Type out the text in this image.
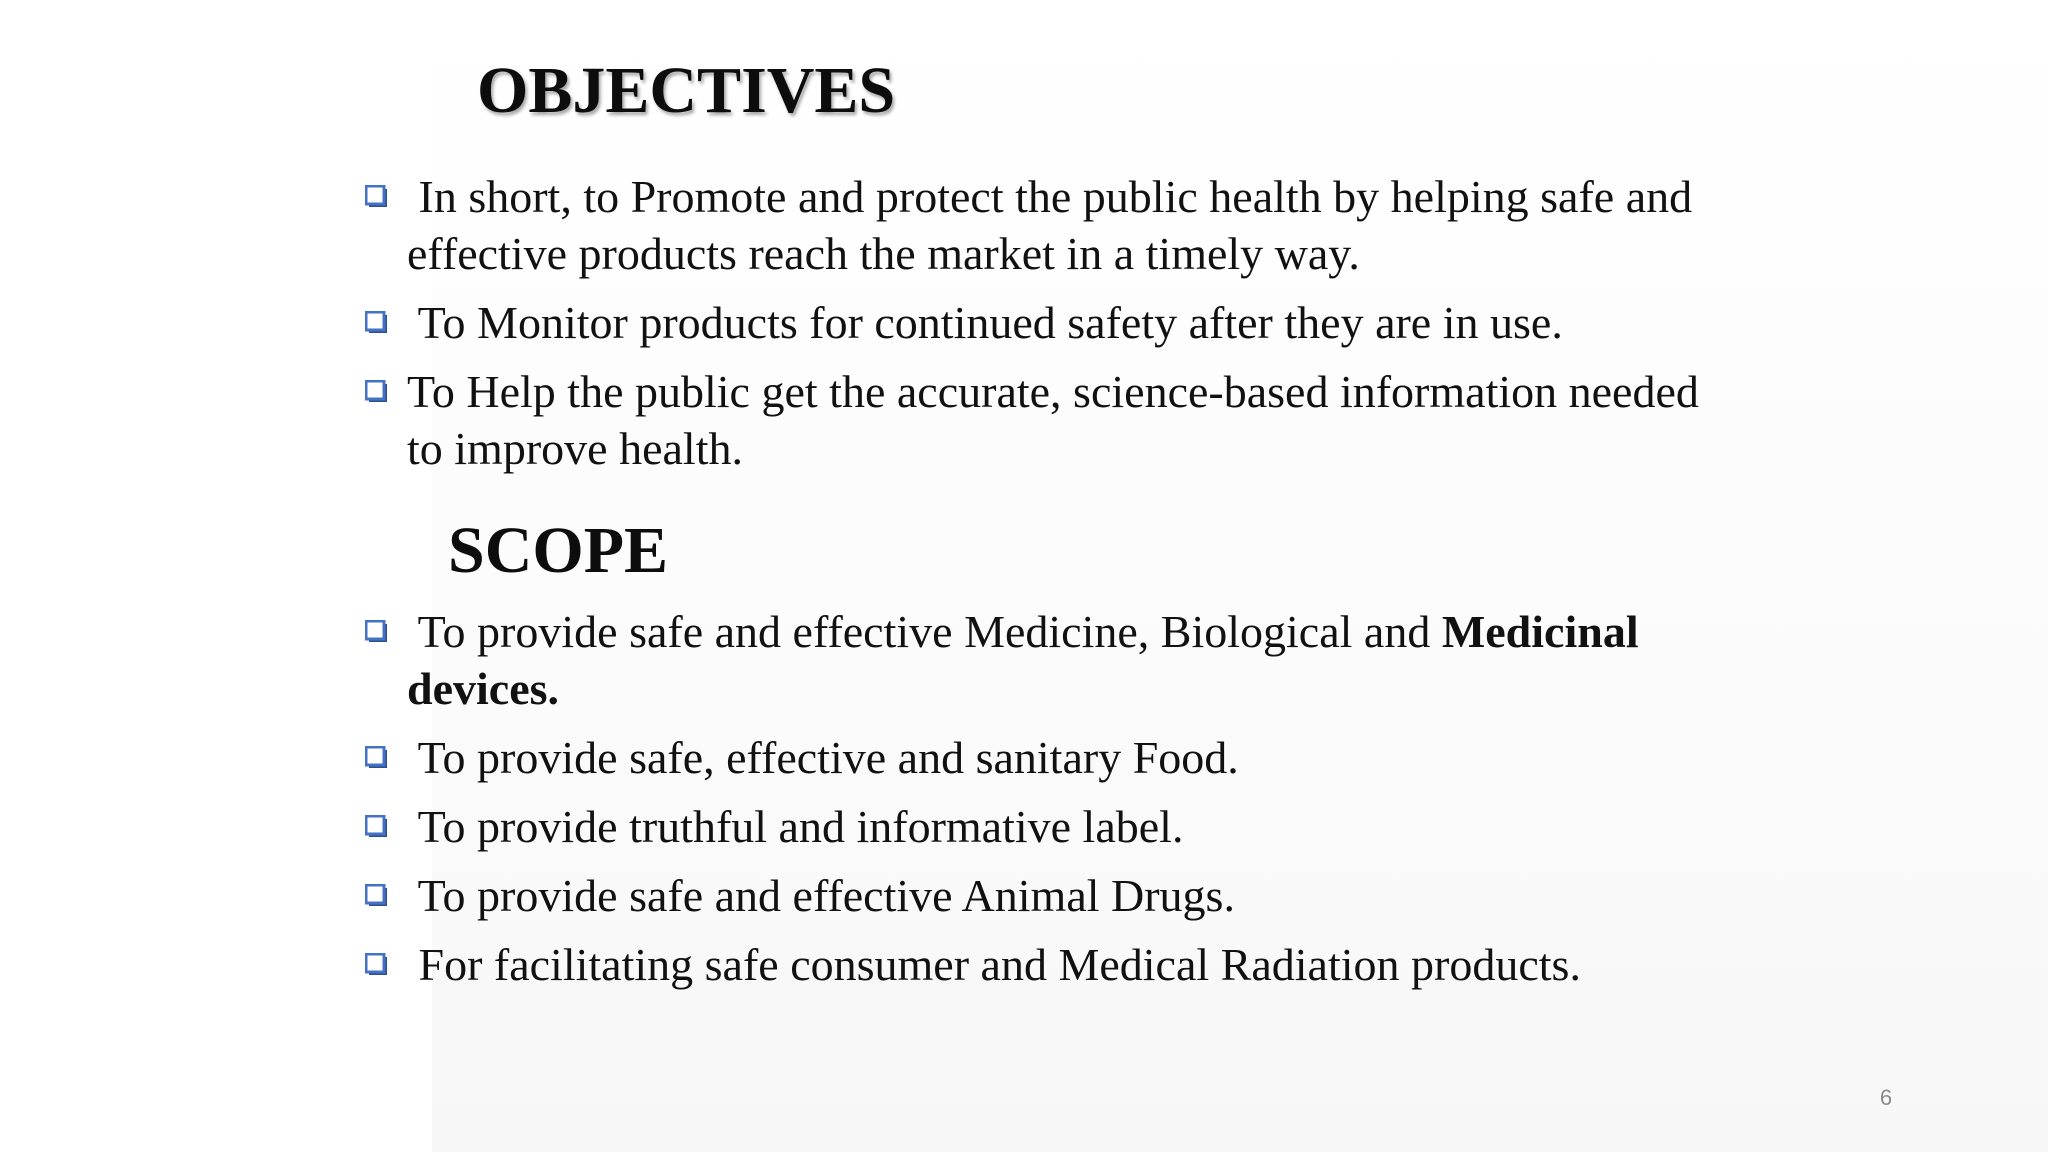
OBJECTIVES
In short, to Promote and protect the public health by helping safe and
effective products reach the market in a timely way.
To Monitor products for continued safety after they are in use.
To Help the public get the accurate, science-based information needed
to improve health.
SCOPE
To provide safe and effective Medicine, Biological and Medicinal
devices.
To provide safe, effective and sanitary Food.
To provide truthful and informative label.
To provide safe and effective Animal Drugs.
For facilitating safe consumer and Medical Radiation products.
6
